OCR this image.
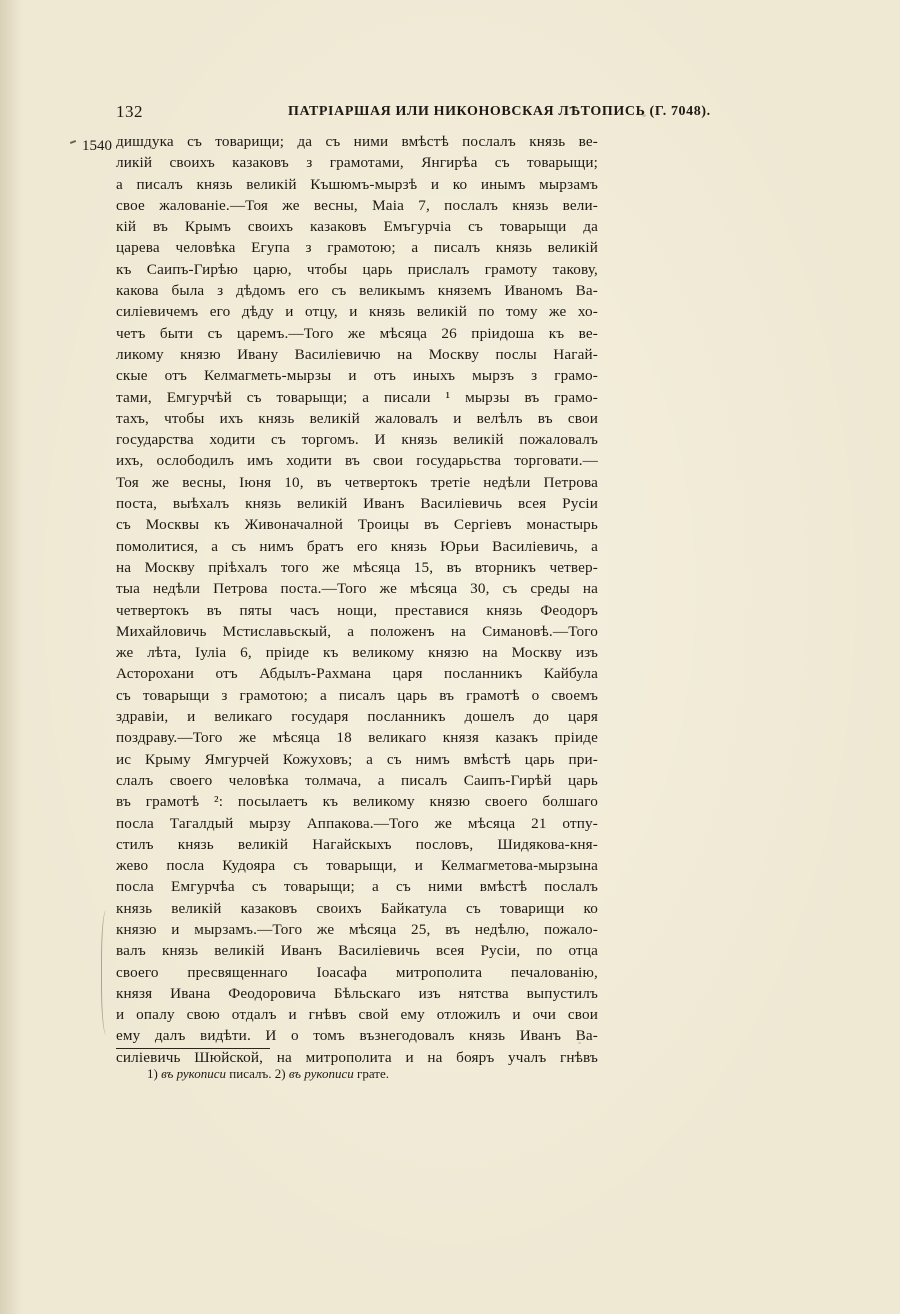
132	ПАТРІАРШАЯ ИЛИ НИКОНОВСКАЯ ЛѢТОПИСЬ (Г. 7048).
1540 дишдука съ товарищи; да съ ними вмѣстѣ послалъ князь ве-
ликій своихъ казаковъ з грамотами, Янгирѣа съ товарыщи;
а писалъ князь великій Къшюмъ-мырзѣ и ко инымъ мырзамъ
свое жалованіе.—Тоя же весны, Маіа 7, послалъ князь вели-
кій въ Крымъ своихъ казаковъ Емъгурчіа съ товарыщи да
царева человѣка Егупа з грамотою; а писалъ князь великій
къ Саипъ-Гирѣю царю, чтобы царь прислалъ грамоту такову,
какова была з дѣдомъ его съ великымъ княземъ Иваномъ Ва-
силіевичемъ его дѣду и отцу, и князь великій по тому же хо-
четъ быти съ царемъ.—Того же мѣсяца 26 пріидоша къ ве-
ликому князю Ивану Василіевичю на Москву послы Нагай-
скые отъ Келмагметь-мырзы и отъ иныхъ мырзъ з грамо-
тами, Емгурчѣй съ товарыщи; а писали ¹ мырзы въ грамо-
тахъ, чтобы ихъ князь великій жаловалъ и велѣлъ въ свои
государства ходити съ торгомъ. И князь великій пожаловалъ
ихъ, ослободилъ имъ ходити въ свои государьства торговати.—
Тоя же весны, Іюня 10, въ четвертокъ третіе недѣли Петрова
поста, выѣхалъ князь великій Иванъ Василіевичь всея Русіи
съ Москвы къ Живоначалной Троицы въ Сергіевъ монастырь
помолитися, а съ нимъ братъ его князь Юрьи Василіевичь, а
на Москву пріѣхалъ того же мѣсяца 15, въ вторникъ четвер-
тыа недѣли Петрова поста.—Того же мѣсяца 30, съ среды на
четвертокъ въ пяты часъ нощи, преставися князь Феодоръ
Михайловичь Мстиславьскый, а положенъ на Симановѣ.—Того
же лѣта, Іуліа 6, пріиде къ великому князю на Москву изъ
Асторохани отъ Абдылъ-Рахмана царя посланникъ Кайбула
съ товарыщи з грамотою; а писалъ царь въ грамотѣ о своемъ
здравіи, и великаго государя посланникъ дошелъ до царя
поздраву.—Того же мѣсяца 18 великаго князя казакъ пріиде
ис Крыму Ямгурчей Кожуховъ; а съ нимъ вмѣстѣ царь при-
слалъ своего человѣка толмача, а писалъ Саипъ-Гирѣй царь
въ грамотѣ ²: посылаетъ къ великому князю своего болшаго
посла Тагалдый мырзу Аппакова.—Того же мѣсяца 21 отпу-
стилъ князь великій Нагайскыхъ пословъ, Шидякова-кня-
жево посла Кудояра съ товарыщи, и Келмагметова-мырзына
посла Емгурчѣа съ товарыщи; а съ ними вмѣстѣ послалъ
князь великій казаковъ своихъ Байкатула съ товарищи ко
князю и мырзамъ.—Того же мѣсяца 25, въ недѣлю, пожало-
валъ князь великій Иванъ Василіевичь всея Русіи, по отца
своего пресвященнаго Іоасафа митрополита печалованію,
князя Ивана Феодоровича Бѣльскаго изъ нятства выпустилъ
и опалу свою отдалъ и гнѣвъ свой ему отложилъ и очи свои
ему далъ видѣти. И о томъ възнегодовалъ князь Иванъ Ва-
силіевичь Шюйской, на митрополита и на бояръ учалъ гнѣвъ
1) въ рукописи писалъ. 2) въ рукописи грате.
